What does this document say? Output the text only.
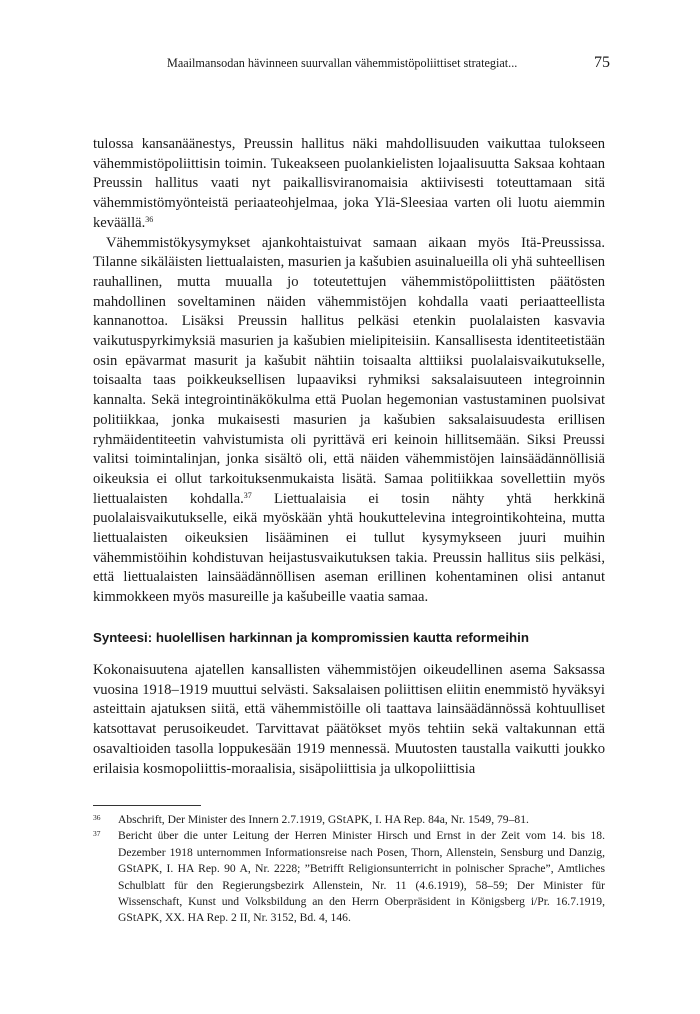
Maailmansodan hävinneen suurvallan vähemmistöpoliittiset strategiat...	75

tulossa kansanäänestys, Preussin hallitus näki mahdollisuuden vaikuttaa tulokseen vähemmistöpoliittisin toimin. Tukeakseen puolankielisten lojaalisuutta Saksaa kohtaan Preussin hallitus vaati nyt paikallisviranomaisia aktiivisesti toteuttamaan sitä vähemmistömyönteistä periaateohjelmaa, joka Ylä-Sleesiaa varten oli luotu aiemmin keväällä.$^{36}$

Vähemmistökysymykset ajankohtaistuivat samaan aikaan myös Itä-Preussissa. Tilanne sikäläisten liettualaisten, masurien ja kašubien asuinalueilla oli yhä suhteellisen rauhallinen, mutta muualla jo toteutettujen vähemmistöpoliittisten päätösten mahdollinen soveltaminen näiden vähemmistöjen kohdalla vaati periaatteellista kannanottoa. Lisäksi Preussin hallitus pelkäsi etenkin puolalaisten kasvavia vaikutuspyrkimyksiä masurien ja kašubien mielipiteisiin. Kansallisesta identiteetistään osin epävarmat masurit ja kašubit nähtiin toisaalta alttiiksi puolalaisvaikutukselle, toisaalta taas poikkeuksellisen lupaaviksi ryhmiksi saksalaisuuteen integroinnin kannalta. Sekä integrointinäkökulma että Puolan hegemonian vastustaminen puolsivat politiikkaa, jonka mukaisesti masurien ja kašubien saksalaisuudesta erillisen ryhmäidentiteetin vahvistumista oli pyrittävä eri keinoin hillitsemään. Siksi Preussi valitsi toimintalinjan, jonka sisältö oli, että näiden vähemmistöjen lainsäädännöllisiä oikeuksia ei ollut tarkoituksenmukaista lisätä. Samaa politiikkaa sovellettiin myös liettualaisten kohdalla.$^{37}$ Liettualaisia ei tosin nähty yhtä herkkinä puolalaisvaikutukselle, eikä myöskään yhtä houkuttelevina integrointikohteina, mutta liettualaisten oikeuksien lisääminen ei tullut kysymykseen juuri muihin vähemmistöihin kohdistuvan heijastusvaikutuksen takia. Preussin hallitus siis pelkäsi, että liettualaisten lainsäädännöllisen aseman erillinen kohentaminen olisi antanut kimmokkeen myös masureille ja kašubeille vaatia samaa.

Synteesi: huolellisen harkinnan ja kompromissien kautta reformeihin

Kokonaisuutena ajatellen kansallisten vähemmistöjen oikeudellinen asema Saksassa vuosina 1918–1919 muuttui selvästi. Saksalaisen poliittisen eliitin enemmistö hyväksyi asteittain ajatuksen siitä, että vähemmistöille oli taattava lainsäädännössä kohtuulliset katsottavat perusoikeudet. Tarvittavat päätökset myös tehtiin sekä valtakunnan että osavaltioiden tasolla loppukesään 1919 mennessä. Muutosten taustalla vaikutti joukko erilaisia kosmopoliittis-moraalisia, sisäpoliittisia ja ulkopoliittisia

36	Abschrift, Der Minister des Innern 2.7.1919, GStAPK, I. HA Rep. 84a, Nr. 1549, 79–81.
37	Bericht über die unter Leitung der Herren Minister Hirsch und Ernst in der Zeit vom 14. bis 18. Dezember 1918 unternommen Informationsreise nach Posen, Thorn, Allenstein, Sensburg und Danzig, GStAPK, I. HA Rep. 90 A, Nr. 2228; ”Betrifft Religionsunterricht in polnischer Sprache”, Amtliches Schulblatt für den Regierungsbezirk Allenstein, Nr. 11 (4.6.1919), 58–59; Der Minister für Wissenschaft, Kunst und Volksbildung an den Herrn Oberpräsident in Königsberg i/Pr. 16.7.1919, GStAPK, XX. HA Rep. 2 II, Nr. 3152, Bd. 4, 146.
